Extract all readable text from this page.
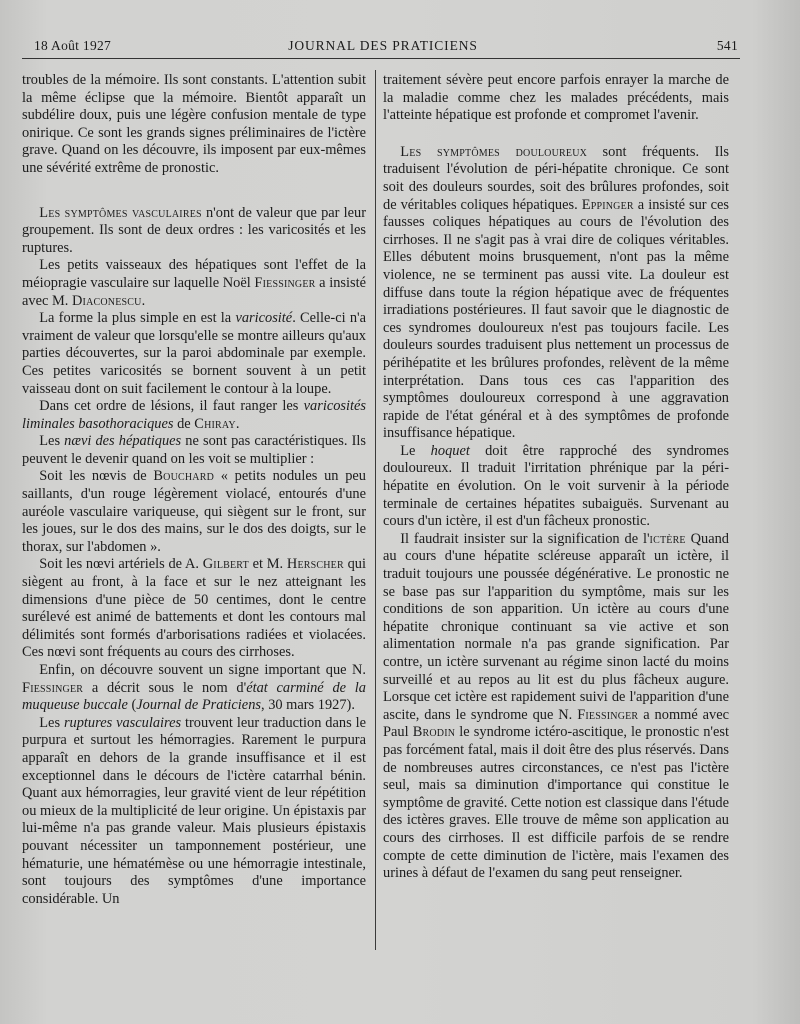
18 Août 1927	JOURNAL DES PRATICIENS	541

troubles de la mémoire. Ils sont constants. L'attention subit la même éclipse que la mémoire. Bientôt apparaît un subdélire doux, puis une légère confusion mentale de type onirique. Ce sont les grands signes préliminaires de l'ictère grave. Quand on les découvre, ils imposent par eux-mêmes une sévérité extrême de pronostic.

Les symptômes vasculaires n'ont de valeur que par leur groupement. Ils sont de deux ordres : les varicosités et les ruptures.

Les petits vaisseaux des hépatiques sont l'effet de la méiopragie vasculaire sur laquelle Noël Fiessinger a insisté avec M. Diaconescu.

La forme la plus simple en est la varicosité. Celle-ci n'a vraiment de valeur que lorsqu'elle se montre ailleurs qu'aux parties découvertes, sur la paroi abdominale par exemple. Ces petites varicosités se bornent souvent à un petit vaisseau dont on suit facilement le contour à la loupe.

Dans cet ordre de lésions, il faut ranger les varicosités liminales basothoraciques de Chiray.

Les nævi des hépatiques ne sont pas caractéristiques. Ils peuvent le devenir quand on les voit se multiplier :

Soit les nœvis de Bouchard « petits nodules un peu saillants, d'un rouge légèrement violacé, entourés d'une auréole vasculaire variqueuse, qui siègent sur le front, sur les joues, sur le dos des mains, sur le dos des doigts, sur le thorax, sur l'abdomen ».

Soit les nœvi artériels de A. Gilbert et M. Herscher qui siègent au front, à la face et sur le nez atteignant les dimensions d'une pièce de 50 centimes, dont le centre surélevé est animé de battements et dont les contours mal délimités sont formés d'arborisations radiées et violacées. Ces nœvi sont fréquents au cours des cirrhoses.

Enfin, on découvre souvent un signe important que N. Fiessinger a décrit sous le nom d'état carminé de la muqueuse buccale (Journal de Praticiens, 30 mars 1927).

Les ruptures vasculaires trouvent leur traduction dans le purpura et surtout les hémorragies. Rarement le purpura apparaît en dehors de la grande insuffisance et il est exceptionnel dans le décours de l'ictère catarrhal bénin. Quant aux hémorragies, leur gravité vient de leur répétition ou mieux de la multiplicité de leur origine. Un épistaxis par lui-même n'a pas grande valeur. Mais plusieurs épistaxis pouvant nécessiter un tamponnement postérieur, une hématurie, une hématémèse ou une hémorragie intestinale, sont toujours des symptômes d'une importance considérable. Un

traitement sévère peut encore parfois enrayer la marche de la maladie comme chez les malades précédents, mais l'atteinte hépatique est profonde et compromet l'avenir.

Les symptômes douloureux sont fréquents. Ils traduisent l'évolution de péri-hépatite chronique. Ce sont soit des douleurs sourdes, soit des brûlures profondes, soit de véritables coliques hépatiques. Eppinger a insisté sur ces fausses coliques hépatiques au cours de l'évolution des cirrhoses. Il ne s'agit pas à vrai dire de coliques véritables. Elles débutent moins brusquement, n'ont pas la même violence, ne se terminent pas aussi vite. La douleur est diffuse dans toute la région hépatique avec de fréquentes irradiations postérieures. Il faut savoir que le diagnostic de ces syndromes douloureux n'est pas toujours facile. Les douleurs sourdes traduisent plus nettement un processus de périhépatite et les brûlures profondes, relèvent de la même interprétation. Dans tous ces cas l'apparition des symptômes douloureux correspond à une aggravation rapide de l'état général et à des symptômes de profonde insuffisance hépatique.

Le hoquet doit être rapproché des syndromes douloureux. Il traduit l'irritation phrénique par la péri-hépatite en évolution. On le voit survenir à la période terminale de certaines hépatites subaiguës. Survenant au cours d'un ictère, il est d'un fâcheux pronostic.

Il faudrait insister sur la signification de l'ictère Quand au cours d'une hépatite scléreuse apparaît un ictère, il traduit toujours une poussée dégénérative. Le pronostic ne se base pas sur l'apparition du symptôme, mais sur les conditions de son apparition. Un ictère au cours d'une hépatite chronique continuant sa vie active et son alimentation normale n'a pas grande signification. Par contre, un ictère survenant au régime sinon lacté du moins surveillé et au repos au lit est du plus fâcheux augure. Lorsque cet ictère est rapidement suivi de l'apparition d'une ascite, dans le syndrome que N. Fiessinger a nommé avec Paul Brodin le syndrome ictéro-ascitique, le pronostic n'est pas forcément fatal, mais il doit être des plus réservés. Dans de nombreuses autres circonstances, ce n'est pas l'ictère seul, mais sa diminution d'importance qui constitue le symptôme de gravité. Cette notion est classique dans l'étude des ictères graves. Elle trouve de même son application au cours des cirrhoses. Il est difficile parfois de se rendre compte de cette diminution de l'ictère, mais l'examen des urines à défaut de l'examen du sang peut renseigner.
